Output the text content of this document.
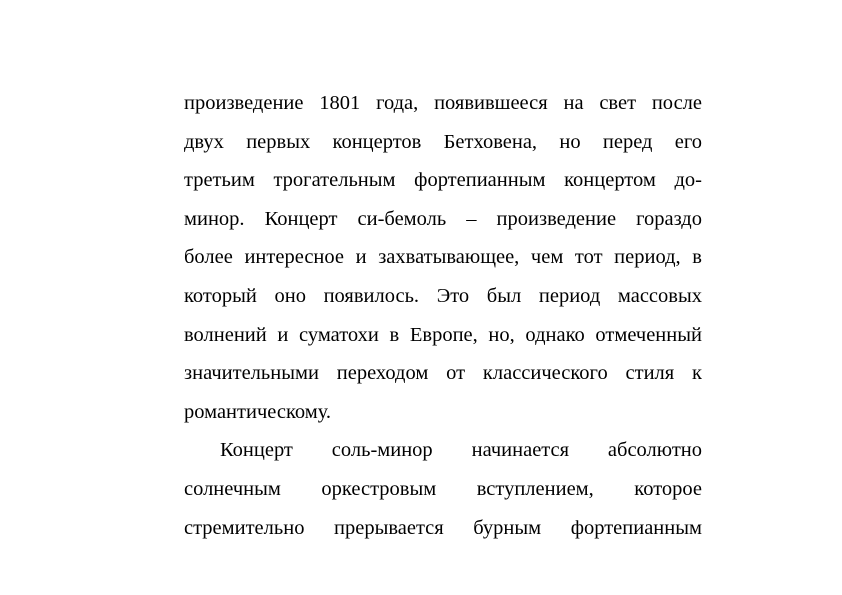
произведение 1801 года, появившееся на свет после
двух первых концертов Бетховена, но перед его
третьим трогательным фортепианным концертом до-
минор. Концерт си-бемоль – произведение гораздо
более интересное и захватывающее, чем тот период, в
который оно появилось. Это был период массовых
волнений и суматохи в Европе, но, однако отмеченный
значительными переходом от классического стиля к
романтическому.
Концерт соль-минор начинается абсолютно
солнечным оркестровым вступлением, которое
стремительно прерывается бурным фортепианным
